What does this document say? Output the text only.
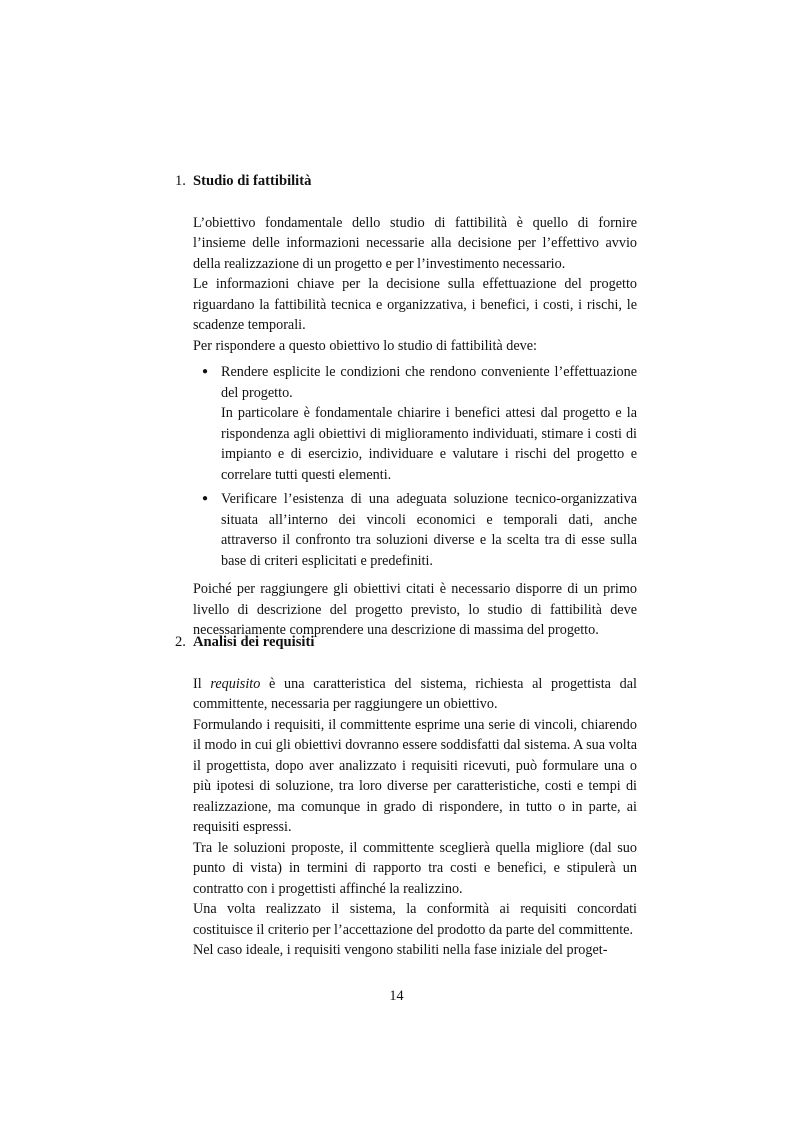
1. Studio di fattibilità

L’obiettivo fondamentale dello studio di fattibilità è quello di fornire l’insieme delle informazioni necessarie alla decisione per l’effettivo avvio della realizzazione di un progetto e per l’investimento necessario.

Le informazioni chiave per la decisione sulla effettuazione del progetto riguardano la fattibilità tecnica e organizzativa, i benefici, i costi, i rischi, le scadenze temporali.

Per rispondere a questo obiettivo lo studio di fattibilità deve:

● Rendere esplicite le condizioni che rendono conveniente l’effettuazione del progetto.
In particolare è fondamentale chiarire i benefici attesi dal progetto e la rispondenza agli obiettivi di miglioramento individuati, stimare i costi di impianto e di esercizio, individuare e valutare i rischi del progetto e correlare tutti questi elementi.
● Verificare l’esistenza di una adeguata soluzione tecnico-organizzativa situata all’interno dei vincoli economici e temporali dati, anche attraverso il confronto tra soluzioni diverse e la scelta tra di esse sulla base di criteri esplicitati e predefiniti.

Poiché per raggiungere gli obiettivi citati è necessario disporre di un primo livello di descrizione del progetto previsto, lo studio di fattibilità deve necessariamente comprendere una descrizione di massima del progetto.

2. Analisi dei requisiti

Il requisito è una caratteristica del sistema, richiesta al progettista dal committente, necessaria per raggiungere un obiettivo.

Formulando i requisiti, il committente esprime una serie di vincoli, chiarendo il modo in cui gli obiettivi dovranno essere soddisfatti dal sistema. A sua volta il progettista, dopo aver analizzato i requisiti ricevuti, può formulare una o più ipotesi di soluzione, tra loro diverse per caratteristiche, costi e tempi di realizzazione, ma comunque in grado di rispondere, in tutto o in parte, ai requisiti espressi.

Tra le soluzioni proposte, il committente sceglierà quella migliore (dal suo punto di vista) in termini di rapporto tra costi e benefici, e stipulerà un contratto con i progettisti affinché la realizzino.

Una volta realizzato il sistema, la conformità ai requisiti concordati costituisce il criterio per l’accettazione del prodotto da parte del committente.

Nel caso ideale, i requisiti vengono stabiliti nella fase iniziale del proget-

14
